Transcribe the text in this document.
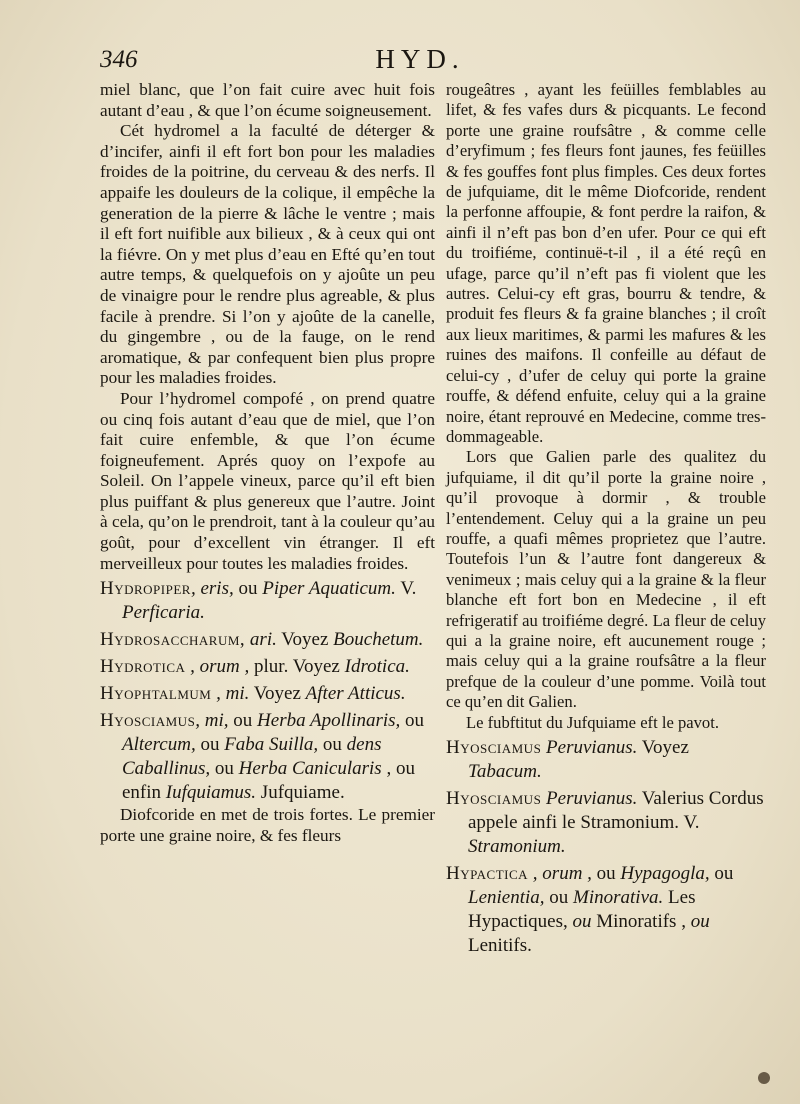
346	HYD.

miel blanc, que l’on fait cuire avec huit fois autant d’eau , & que l’on écume soigneusement.

Cét hydromel a la faculté de déterger & d’incifer, ainfi il eft fort bon pour les maladies froides de la poitrine, du cerveau & des nerfs. Il appaife les douleurs de la colique, il empêche la generation de la pierre & lâche le ventre ; mais il eft fort nuifible aux bilieux , & à ceux qui ont la fiévre. On y met plus d’eau en Efté qu’en tout autre temps, & quelquefois on y ajoûte un peu de vinaigre pour le rendre plus agreable, & plus facile à prendre. Si l’on y ajoûte de la canelle, du gingembre , ou de la fauge, on le rend aromatique, & par confequent bien plus propre pour les maladies froides.

Pour l’hydromel compofé , on prend quatre ou cinq fois autant d’eau que de miel, que l’on fait cuire enfemble, & que l’on écume foigneufement. Aprés quoy on l’expofe au Soleil. On l’appele vineux, parce qu’il eft bien plus puiffant & plus genereux que l’autre. Joint à cela, qu’on le prendroit, tant à la couleur qu’au goût, pour d’excellent vin étranger. Il eft merveilleux pour toutes les maladies froides.

Hydropiper, eris, ou Piper Aquaticum. V. Perficaria.

Hydrosaccharum, ari. Voyez Bouchetum.

Hydrotica , orum , plur. Voyez Idrotica.

Hyophtalmum , mi. Voyez After Atticus.

Hyosciamus, mi, ou Herba Apollinaris, ou Altercum, ou Faba Suilla, ou dens Caballinus, ou Herba Canicularis , ou enfin Iufquiamus. Jufquiame.

Diofcoride en met de trois fortes. Le premier porte une graine noire, & fes fleurs

rougeâtres , ayant les feüilles femblables au lifet, & fes vafes durs & picquants. Le fecond porte une graine roufsâtre , & comme celle d’eryfimum ; fes fleurs font jaunes, fes feüilles & fes gouffes font plus fimples. Ces deux fortes de jufquiame, dit le même Diofcoride, rendent la perfonne affoupie, & font perdre la raifon, & ainfi il n’eft pas bon d’en ufer. Pour ce qui eft du troifiéme, continuë-t-il , il a été reçû en ufage, parce qu’il n’eft pas fi violent que les autres. Celui-cy eft gras, bourru & tendre, & produit fes fleurs & fa graine blanches ; il croît aux lieux maritimes, & parmi les mafures & les ruines des maifons. Il confeille au défaut de celui-cy , d’ufer de celuy qui porte la graine rouffe, & défend enfuite, celuy qui a la graine noire, étant reprouvé en Medecine, comme tres-dommageable.

Lors que Galien parle des qualitez du jufquiame, il dit qu’il porte la graine noire , qu’il provoque à dormir , & trouble l’entendement. Celuy qui a la graine un peu rouffe, a quafi mêmes proprietez que l’autre. Toutefois l’un & l’autre font dangereux & venimeux ; mais celuy qui a la graine & la fleur blanche eft fort bon en Medecine , il eft refrigeratif au troifiéme degré. La fleur de celuy qui a la graine noire, eft aucunement rouge ; mais celuy qui a la graine roufsâtre a la fleur prefque de la couleur d’une pomme. Voilà tout ce qu’en dit Galien.

Le fubftitut du Jufquiame eft le pavot.

Hyosciamus Peruvianus. Voyez Tabacum.

Hyosciamus Peruvianus. Valerius Cordus appele ainfi le Stramonium. V. Stramonium.

Hypactica , orum , ou Hypagogla, ou Lenientia, ou Minorativa. Les Hypactiques, ou Minoratifs , ou Lenitifs.
